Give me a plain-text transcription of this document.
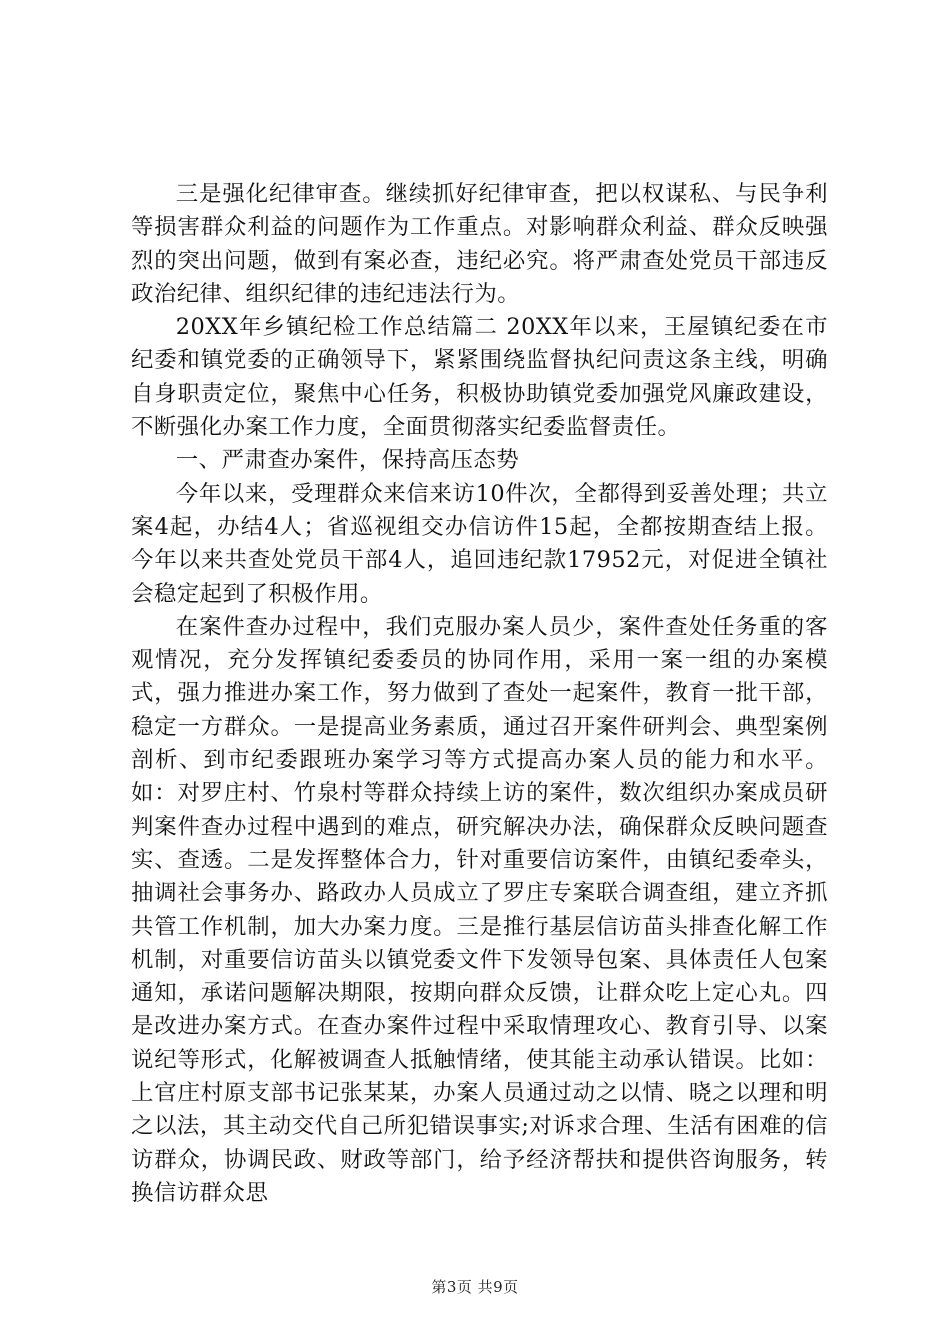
三是强化纪律审查。继续抓好纪律审查，把以权谋私、与民争利等损害群众利益的问题作为工作重点。对影响群众利益、群众反映强烈的突出问题，做到有案必查，违纪必究。将严肃查处党员干部违反政治纪律、组织纪律的违纪违法行为。

20XX年乡镇纪检工作总结篇二 20XX年以来，王屋镇纪委在市纪委和镇党委的正确领导下，紧紧围绕监督执纪问责这条主线，明确自身职责定位，聚焦中心任务，积极协助镇党委加强党风廉政建设，不断强化办案工作力度，全面贯彻落实纪委监督责任。

一、严肃查办案件，保持高压态势

今年以来，受理群众来信来访10件次，全都得到妥善处理；共立案4起，办结4人；省巡视组交办信访件15起，全都按期查结上报。今年以来共查处党员干部4人，追回违纪款17952元，对促进全镇社会稳定起到了积极作用。

在案件查办过程中，我们克服办案人员少，案件查处任务重的客观情况，充分发挥镇纪委委员的协同作用，采用一案一组的办案模式，强力推进办案工作，努力做到了查处一起案件，教育一批干部，稳定一方群众。一是提高业务素质，通过召开案件研判会、典型案例剖析、到市纪委跟班办案学习等方式提高办案人员的能力和水平。如：对罗庄村、竹泉村等群众持续上访的案件，数次组织办案成员研判案件查办过程中遇到的难点，研究解决办法，确保群众反映问题查实、查透。二是发挥整体合力，针对重要信访案件，由镇纪委牵头，抽调社会事务办、路政办人员成立了罗庄专案联合调查组，建立齐抓共管工作机制，加大办案力度。三是推行基层信访苗头排查化解工作机制，对重要信访苗头以镇党委文件下发领导包案、具体责任人包案通知，承诺问题解决期限，按期向群众反馈，让群众吃上定心丸。四是改进办案方式。在查办案件过程中采取情理攻心、教育引导、以案说纪等形式，化解被调查人抵触情绪，使其能主动承认错误。比如：上官庄村原支部书记张某某，办案人员通过动之以情、晓之以理和明之以法，其主动交代自己所犯错误事实;对诉求合理、生活有困难的信访群众，协调民政、财政等部门，给予经济帮扶和提供咨询服务，转换信访群众思

第3页 共9页
